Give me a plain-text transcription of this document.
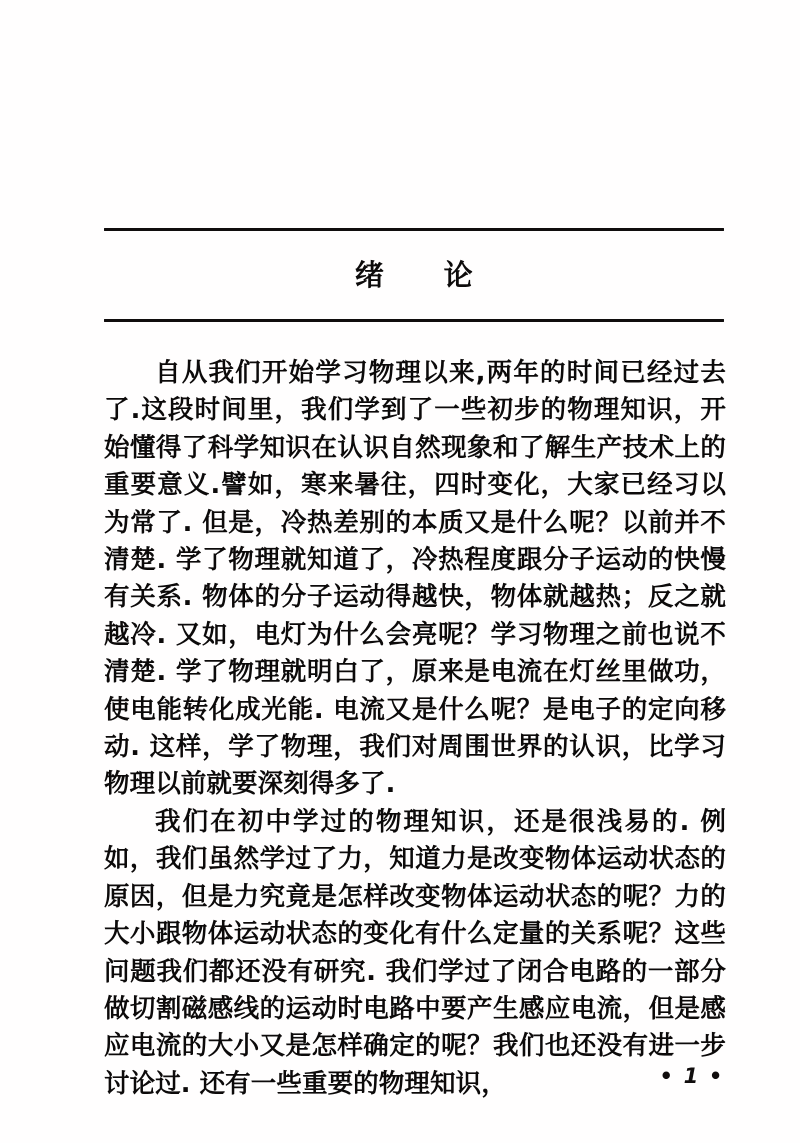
绪　　论

自从我们开始学习物理以来,两年的时间已经过去了.这段时间里，我们学到了一些初步的物理知识，开始懂得了科学知识在认识自然现象和了解生产技术上的重要意义.譬如，寒来暑往，四时变化，大家已经习以为常了. 但是，冷热差别的本质又是什么呢？以前并不清楚. 学了物理就知道了，冷热程度跟分子运动的快慢有关系. 物体的分子运动得越快，物体就越热；反之就越冷. 又如，电灯为什么会亮呢？学习物理之前也说不清楚. 学了物理就明白了，原来是电流在灯丝里做功，使电能转化成光能. 电流又是什么呢？是电子的定向移动. 这样，学了物理，我们对周围世界的认识，比学习物理以前就要深刻得多了.

我们在初中学过的物理知识，还是很浅易的. 例如，我们虽然学过了力，知道力是改变物体运动状态的原因，但是力究竟是怎样改变物体运动状态的呢？力的大小跟物体运动状态的变化有什么定量的关系呢？这些问题我们都还没有研究. 我们学过了闭合电路的一部分做切割磁感线的运动时电路中要产生感应电流，但是感应电流的大小又是怎样确定的呢？我们也还没有进一步讨论过. 还有一些重要的物理知识，	• 1 •
